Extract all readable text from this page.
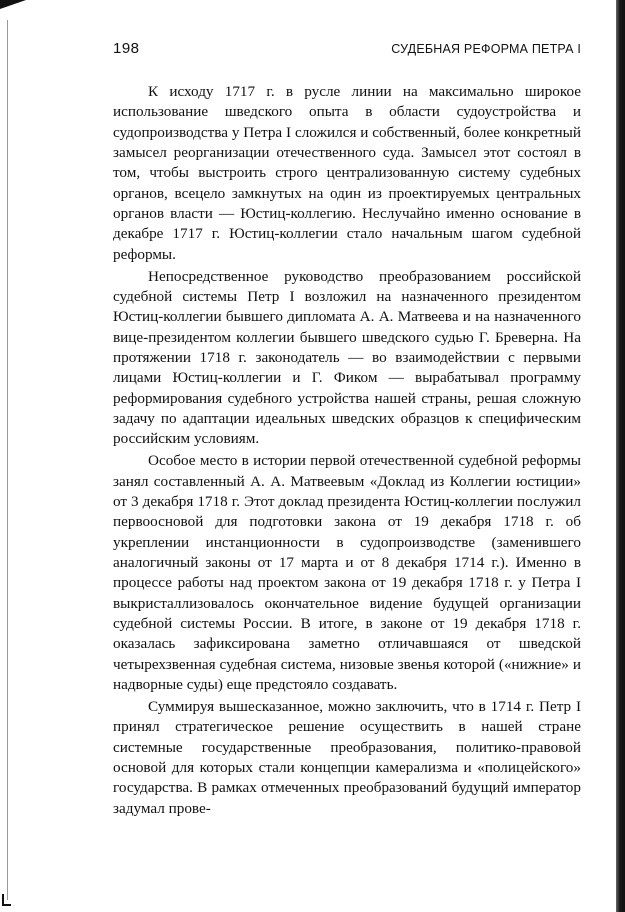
198	СУДЕБНАЯ РЕФОРМА ПЕТРА I

К исходу 1717 г. в русле линии на максимально широкое использование шведского опыта в области судоустройства и судопроизводства у Петра I сложился и собственный, более конкретный замысел реорганизации отечественного суда. Замысел этот состоял в том, чтобы выстроить строго централизованную систему судебных органов, всецело замкнутых на один из проектируемых центральных органов власти — Юстиц-коллегию. Неслучайно именно основание в декабре 1717 г. Юстиц-коллегии стало начальным шагом судебной реформы.

Непосредственное руководство преобразованием российской судебной системы Петр I возложил на назначенного президентом Юстиц-коллегии бывшего дипломата А. А. Матвеева и на назначенного вице-президентом коллегии бывшего шведского судью Г. Бреверна. На протяжении 1718 г. законодатель — во взаимодействии с первыми лицами Юстиц-коллегии и Г. Фиком — вырабатывал программу реформирования судебного устройства нашей страны, решая сложную задачу по адаптации идеальных шведских образцов к специфическим российским условиям.

Особое место в истории первой отечественной судебной реформы занял составленный А. А. Матвеевым «Доклад из Коллегии юстиции» от 3 декабря 1718 г. Этот доклад президента Юстиц-коллегии послужил первоосновой для подготовки закона от 19 декабря 1718 г. об укреплении инстанционности в судопроизводстве (заменившего аналогичный законы от 17 марта и от 8 декабря 1714 г.). Именно в процессе работы над проектом закона от 19 декабря 1718 г. у Петра I выкристаллизовалось окончательное видение будущей организации судебной системы России. В итоге, в законе от 19 декабря 1718 г. оказалась зафиксирована заметно отличавшаяся от шведской четырехзвенная судебная система, низовые звенья которой («нижние» и надворные суды) еще предстояло создавать.

Суммируя вышесказанное, можно заключить, что в 1714 г. Петр I принял стратегическое решение осуществить в нашей стране системные государственные преобразования, политико-правовой основой для которых стали концепции камерализма и «полицейского» государства. В рамках отмеченных преобразований будущий император задумал прове-
